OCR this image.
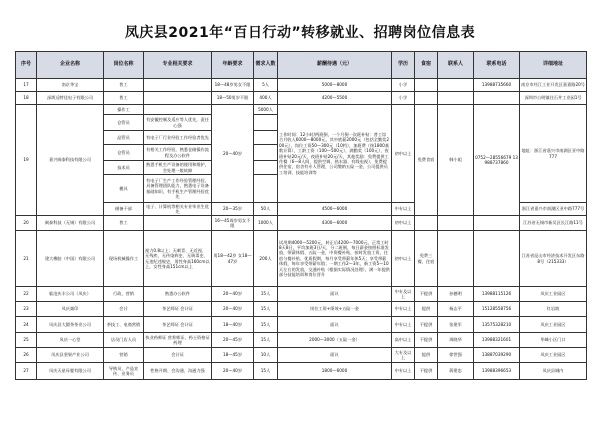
凤庆县2021年“百日行动”转移就业、招聘岗位信息表
序号	企业名称	岗位名称	专业相关要求	年龄要求	需求人数	薪酬待遇（元）	学历	食宿	联系人	联系电话	详细地址
17	南京华宝	普工		18—48岁男女不限	5人	5000—8000	小学			13988735660	南京市经江工业开发区嘉嘉路20号
18	深圳远特佳电子有限公司	普工		18—50男岁不限	400人	4200—5500	小学				深圳市公明镇往石井工业园1号
19	嘉兴闽泰科技有限公司	操作工		20—40岁	5000人	工作时间：12小时/两班倒，一个月倒一次班补贴：普工综合月收入6000—8000元，其中底薪2000元（包括全勤奖200元），岗位工资50—300元（10档），加班费（按1800基数计算），工龄工资（100—500元），满勤奖（100元），夜班补贴20元/天，夜班补贴20元/天，其他奖励：免费提供工作餐（6—8人间，提供空调、热水器、有线电视），免费提供住宿，宿舍有专人管理，公司缴纳五险一金，公司提供员工培训、技能培训等	初中以上	免费食宿	韩小姐	0752—28556679 13988737860	地址：浙江省嘉兴市南湖区亚中路777
		仓管员	有安徽控制及适应等人优先，责任心强								
		品管员	有电子厂行业经验工作经验者优先								
		仓管员	有相关工作经验，熟悉仓储操作流程及办公软件								
		技术员	熟悉手机生产设备的使用和维护，会处理一般故障								
		模具	有电子厂生产工作经验管理经验，具备管理团队能力，熟悉电子设备基础知识，有手机生产管理经验优先								
		储备干部	电子、计算机等相关专业毕业生优先	20—35岁	50人	4500—6000	中专以上				浙江省嘉兴市南湖区亚中路777号
20	闽泰科技（无锡）有限公司	普工		16—45周岁男女不限	1000人	4300—6000	初中以上				江苏省无锡市新吴区长江路11号
21	建大橡胶（中国）有限公司	现场机械操作工	视力0.8以上；无刺青、无近视、无残疾、无传染病史、无吸毒史、无违纪违规史，男性身高160cm以上，女性身高151cm以上	男18—42岁 女18—47岁	200人	试用期4000—5200元，转正后4200—7000元，正常工时8天8日，平均加班3日/天，分二班倒，每日薪金按照标准发放，带薪休假、五险一金，中资餐补贴，按时发放工资，住宿与餐补贴、优质假期，每月享受带薪年休5天；享受带薪休假，每年享受带薪年假；一期工作2—3年，新工资5—10天左右的发放，交通补贴（根据实际情况处理），满一年提供部分技能培训和岗位晋升	初中以上	免费三餐、住宿			江苏省昆山市经济技术开发区东路8号（215333）
22	临沧庆丰公司（凤庆）	行政、营销	熟悉办公软件	20—40岁	15人	面议	中专及以上	不提供	孙德明	13988115126	凤庆工业园区
23	凤庆楽印	会计	茶艺师证 会计证	20—40岁	15人	岗位工资+绩效+五险一金	中专以上	提供	杨志平	15128558756	红岩坡
24	凤庆县大圆茶茶业公司	茶技工、电商营销	茶艺师证 会计证	18—40岁	15人	面议	中专以上	不提供	张建军	13575328210	凤庆工业园区
25	凤庆一心堂	店员门店人员	执业药师证 营养师证、药士资格证 药理	20—45岁	15人	2000—3000（五险一金）	高中以上	不提供	周晓华	13988321601	华峰小区门口
26	凤庆县坚果产业公司	营销	会计证	18—45岁	10人	面议	大专及以上	提供	徐世强	13887039290	凤庆工业园区
27	凤庆天星母婴有限公司	导购员、产品宣传、业务员	性格开朗、会沟通、沟通力强	20—40岁	15人	1800—6000	中专以上	不提供	蒋建忠	13988396653	凤庆县城内
